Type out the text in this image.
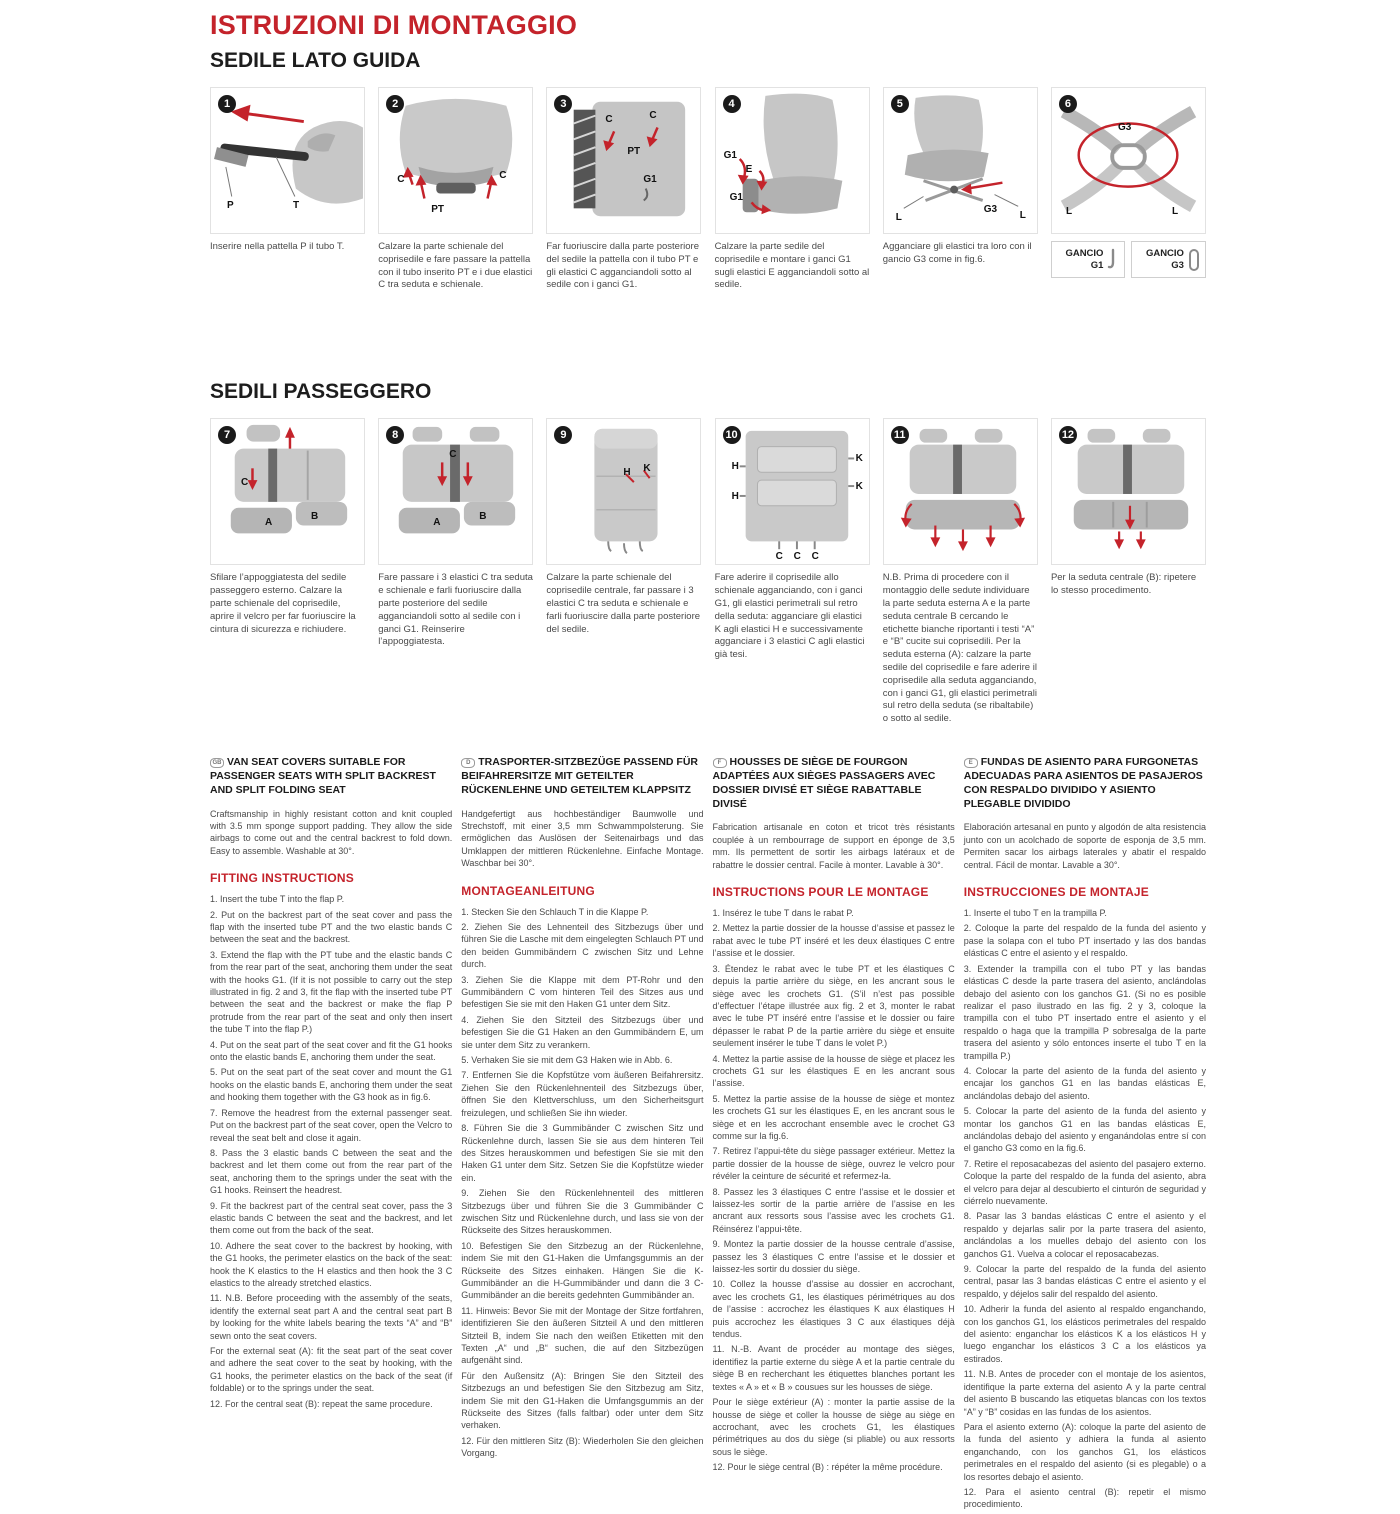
ISTRUZIONI DI MONTAGGIO
SEDILE LATO GUIDA
1
P	T
2
C
PT
C
3
C	C
PT
G1
4
G1
E
G1
5
L
G3
L
6
G3
L	L
Inserire nella pattella P il tubo T.	Calzare la parte schienale del coprisedile e fare passare la pattella con il tubo inserito PT e i due elastici C tra seduta e schienale.
Far fuoriuscire dalla parte posteriore del sedile la pattella con il tubo PT e gli elastici C agganciandoli sotto al sedile con i ganci G1.
Calzare la parte sedile del coprisedile e montare i ganci G1 sugli elastici E agganciandoli sotto al sedile.
Agganciare gli elastici tra loro con il gancio G3 come in fig.6.
GANCIO
G1
GANCIO
G3
SEDILI PASSEGGERO
7
C
A
B
8
C
A
B
9
H K
10
H
H
K
K
C C C
11	12
Sfilare l’appoggiatesta del sedile passeggero esterno. Calzare la parte schienale del coprisedile, aprire il velcro per far fuoriuscire la cintura di sicurezza e richiudere.
Fare passare i 3 elastici C tra seduta e schienale e farli fuoriuscire dalla parte posteriore del sedile agganciandoli sotto al sedile con i ganci G1. Reinserire l’appoggiatesta.
Calzare la parte schienale del coprisedile centrale, far passare i 3 elastici C tra seduta e schienale e farli fuoriuscire dalla parte posteriore del sedile.
Fare aderire il coprisedile allo schienale agganciando, con i ganci G1, gli elastici perimetrali sul retro della seduta: agganciare gli elastici K agli elastici H e successivamente agganciare i 3 elastici C agli elastici già tesi.
N.B. Prima di procedere con il montaggio delle sedute individuare la parte seduta esterna A e la parte seduta centrale B cercando le etichette bianche riportanti i testi “A” e “B” cucite sui coprisedili. Per la seduta esterna (A): calzare la parte sedile del coprisedile e fare aderire il coprisedile alla seduta agganciando, con i ganci G1, gli elastici perimetrali sul retro della seduta (se ribaltabile) o sotto al sedile.
Per la seduta centrale (B): ripetere lo stesso procedimento.
GB VAN SEAT COVERS SUITABLE FOR PASSENGER SEATS WITH SPLIT BACKREST AND SPLIT FOLDING SEAT

Craftsmanship in highly resistant cotton and knit coupled with 3.5 mm sponge support padding. They allow the side airbags to come out and the central backrest to fold down. Easy to assemble. Washable at 30°.

FITTING INSTRUCTIONS

1. Insert the tube T into the flap P.

2. Put on the backrest part of the seat cover and pass the flap with the inserted tube PT and the two elastic bands C between the seat and the backrest.

3. Extend the flap with the PT tube and the elastic bands C from the rear part of the seat, anchoring them under the seat with the hooks G1. (If it is not possible to carry out the step illustrated in fig. 2 and 3, fit the flap with the inserted tube PT between the seat and the backrest or make the flap P protrude from the rear part of the seat and only then insert the tube T into the flap P.)

4. Put on the seat part of the seat cover and fit the G1 hooks onto the elastic bands E, anchoring them under the seat.

5. Put on the seat part of the seat cover and mount the G1 hooks on the elastic bands E, anchoring them under the seat and hooking them together with the G3 hook as in fig.6.

7. Remove the headrest from the external passenger seat. Put on the backrest part of the seat cover, open the Velcro to reveal the seat belt and close it again.

8. Pass the 3 elastic bands C between the seat and the backrest and let them come out from the rear part of the seat, anchoring them to the springs under the seat with the G1 hooks. Reinsert the headrest.

9. Fit the backrest part of the central seat cover, pass the 3 elastic bands C between the seat and the backrest, and let them come out from the back of the seat.

10. Adhere the seat cover to the backrest by hooking, with the G1 hooks, the perimeter elastics on the back of the seat: hook the K elastics to the H elastics and then hook the 3 C elastics to the already stretched elastics.

11. N.B. Before proceeding with the assembly of the seats, identify the external seat part A and the central seat part B by looking for the white labels bearing the texts “A” and “B” sewn onto the seat covers.

For the external seat (A): fit the seat part of the seat cover and adhere the seat cover to the seat by hooking, with the G1 hooks, the perimeter elastics on the back of the seat (if foldable) or to the springs under the seat.

12. For the central seat (B): repeat the same procedure.

D TRASPORTER-SITZBEZÜGE PASSEND FÜR BEIFAHRERSITZE MIT GETEILTER RÜCKENLEHNE UND GETEILTEM KLAPPSITZ

Handgefertigt aus hochbeständiger Baumwolle und Strechstoff, mit einer 3,5 mm Schwammpolsterung. Sie ermöglichen das Auslösen der Seitenairbags und das Umklappen der mittleren Rückenlehne. Einfache Montage. Waschbar bei 30°.

MONTAGEANLEITUNG

1. Stecken Sie den Schlauch T in die Klappe P.

2. Ziehen Sie des Lehnenteil des Sitzbezugs über und führen Sie die Lasche mit dem eingelegten Schlauch PT und den beiden Gummibändern C zwischen Sitz und Lehne durch.

3. Ziehen Sie die Klappe mit dem PT-Rohr und den Gummibändern C vom hinteren Teil des Sitzes aus und befestigen Sie sie mit den Haken G1 unter dem Sitz.

4. Ziehen Sie den Sitzteil des Sitzbezugs über und befestigen Sie die G1 Haken an den Gummibändern E, um sie unter dem Sitz zu verankern.

5. Verhaken Sie sie mit dem G3 Haken wie in Abb. 6.

7. Entfernen Sie die Kopfstütze vom äußeren Beifahrersitz. Ziehen Sie den Rückenlehnenteil des Sitzbezugs über, öffnen Sie den Klettverschluss, um den Sicherheitsgurt freizulegen, und schließen Sie ihn wieder.

8. Führen Sie die 3 Gummibänder C zwischen Sitz und Rückenlehne durch, lassen Sie sie aus dem hinteren Teil des Sitzes herauskommen und befestigen Sie sie mit den Haken G1 unter dem Sitz. Setzen Sie die Kopfstütze wieder ein.

9. Ziehen Sie den Rückenlehnenteil des mittleren Sitzbezugs über und führen Sie die 3 Gummibänder C zwischen Sitz und Rückenlehne durch, und lass sie von der Rückseite des Sitzes herauskommen.

10. Befestigen Sie den Sitzbezug an der Rückenlehne, indem Sie mit den G1-Haken die Umfangsgummis an der Rückseite des Sitzes einhaken. Hängen Sie die K-Gummibänder an die H-Gummibänder und dann die 3 C-Gummibänder an die bereits gedehnten Gummibänder an.

11. Hinweis: Bevor Sie mit der Montage der Sitze fortfahren, identifizieren Sie den äußeren Sitzteil A und den mittleren Sitzteil B, indem Sie nach den weißen Etiketten mit den Texten „A“ und „B“ suchen, die auf den Sitzbezügen aufgenäht sind.

Für den Außensitz (A): Bringen Sie den Sitzteil des Sitzbezugs an und befestigen Sie den Sitzbezug am Sitz, indem Sie mit den G1-Haken die Umfangsgummis an der Rückseite des Sitzes (falls faltbar) oder unter dem Sitz verhaken.

12. Für den mittleren Sitz (B): Wiederholen Sie den gleichen Vorgang.

F HOUSSES DE SIÈGE DE FOURGON ADAPTÉES AUX SIÈGES PASSAGERS AVEC DOSSIER DIVISÉ ET SIÈGE RABATTABLE DIVISÉ

Fabrication artisanale en coton et tricot très résistants couplée à un rembourrage de support en éponge de 3,5 mm. Ils permettent de sortir les airbags latéraux et de rabattre le dossier central. Facile à monter. Lavable à 30°.

INSTRUCTIONS POUR LE MONTAGE

1. Insérez le tube T dans le rabat P.

2. Mettez la partie dossier de la housse d’assise et passez le rabat avec le tube PT inséré et les deux élastiques C entre l’assise et le dossier.

3. Étendez le rabat avec le tube PT et les élastiques C depuis la partie arrière du siège, en les ancrant sous le siège avec les crochets G1. (S’il n’est pas possible d’effectuer l’étape illustrée aux fig. 2 et 3, monter le rabat avec le tube PT inséré entre l’assise et le dossier ou faire dépasser le rabat P de la partie arrière du siège et ensuite seulement insérer le tube T dans le volet P.)

4. Mettez la partie assise de la housse de siège et placez les crochets G1 sur les élastiques E en les ancrant sous l’assise.

5. Mettez la partie assise de la housse de siège et montez les crochets G1 sur les élastiques E, en les ancrant sous le siège et en les accrochant ensemble avec le crochet G3 comme sur la fig.6.

7. Retirez l’appui-tête du siège passager extérieur. Mettez la partie dossier de la housse de siège, ouvrez le velcro pour révéler la ceinture de sécurité et refermez-la.

8. Passez les 3 élastiques C entre l’assise et le dossier et laissez-les sortir de la partie arrière de l’assise en les ancrant aux ressorts sous l’assise avec les crochets G1. Réinsérez l’appui-tête.

9. Montez la partie dossier de la housse centrale d’assise, passez les 3 élastiques C entre l’assise et le dossier et laissez-les sortir du dossier du siège.

10. Collez la housse d’assise au dossier en accrochant, avec les crochets G1, les élastiques périmétriques au dos de l’assise : accrochez les élastiques K aux élastiques H puis accrochez les élastiques 3 C aux élastiques déjà tendus.

11. N.-B. Avant de procéder au montage des sièges, identifiez la partie externe du siège A et la partie centrale du siège B en recherchant les étiquettes blanches portant les textes « A » et « B » cousues sur les housses de siège.

Pour le siège extérieur (A) : monter la partie assise de la housse de siège et coller la housse de siège au siège en accrochant, avec les crochets G1, les élastiques périmétriques au dos du siège (si pliable) ou aux ressorts sous le siège.

12. Pour le siège central (B) : répéter la même procédure.

E FUNDAS DE ASIENTO PARA FURGONETAS ADECUADAS PARA ASIENTOS DE PASAJEROS CON RESPALDO DIVIDIDO Y ASIENTO PLEGABLE DIVIDIDO

Elaboración artesanal en punto y algodón de alta resistencia junto con un acolchado de soporte de esponja de 3,5 mm. Permiten sacar los airbags laterales y abatir el respaldo central. Fácil de montar. Lavable a 30°.

INSTRUCCIONES DE MONTAJE

1. Inserte el tubo T en la trampilla P.

2. Coloque la parte del respaldo de la funda del asiento y pase la solapa con el tubo PT insertado y las dos bandas elásticas C entre el asiento y el respaldo.

3. Extender la trampilla con el tubo PT y las bandas elásticas C desde la parte trasera del asiento, anclándolas debajo del asiento con los ganchos G1. (Si no es posible realizar el paso ilustrado en las fig. 2 y 3, coloque la trampilla con el tubo PT insertado entre el asiento y el respaldo o haga que la trampilla P sobresalga de la parte trasera del asiento y sólo entonces inserte el tubo T en la trampilla P.)

4. Colocar la parte del asiento de la funda del asiento y encajar los ganchos G1 en las bandas elásticas E, anclándolas debajo del asiento.

5. Colocar la parte del asiento de la funda del asiento y montar los ganchos G1 en las bandas elásticas E, anclándolas debajo del asiento y enganándolas entre sí con el gancho G3 como en la fig.6.

7. Retire el reposacabezas del asiento del pasajero externo. Coloque la parte del respaldo de la funda del asiento, abra el velcro para dejar al descubierto el cinturón de seguridad y ciérrelo nuevamente.

8. Pasar las 3 bandas elásticas C entre el asiento y el respaldo y dejarlas salir por la parte trasera del asiento, anclándolas a los muelles debajo del asiento con los ganchos G1. Vuelva a colocar el reposacabezas.

9. Colocar la parte del respaldo de la funda del asiento central, pasar las 3 bandas elásticas C entre el asiento y el respaldo, y déjelos salir del respaldo del asiento.

10. Adherir la funda del asiento al respaldo enganchando, con los ganchos G1, los elásticos perimetrales del respaldo del asiento: enganchar los elásticos K a los elásticos H y luego enganchar los elásticos 3 C a los elásticos ya estirados.

11. N.B. Antes de proceder con el montaje de los asientos, identifique la parte externa del asiento A y la parte central del asiento B buscando las etiquetas blancas con los textos “A” y “B” cosidas en las fundas de los asientos.

Para el asiento externo (A): coloque la parte del asiento de la funda del asiento y adhiera la funda al asiento enganchando, con los ganchos G1, los elásticos perimetrales en el respaldo del asiento (si es plegable) o a los resortes debajo el asiento.

12. Para el asiento central (B): repetir el mismo procedimiento.
